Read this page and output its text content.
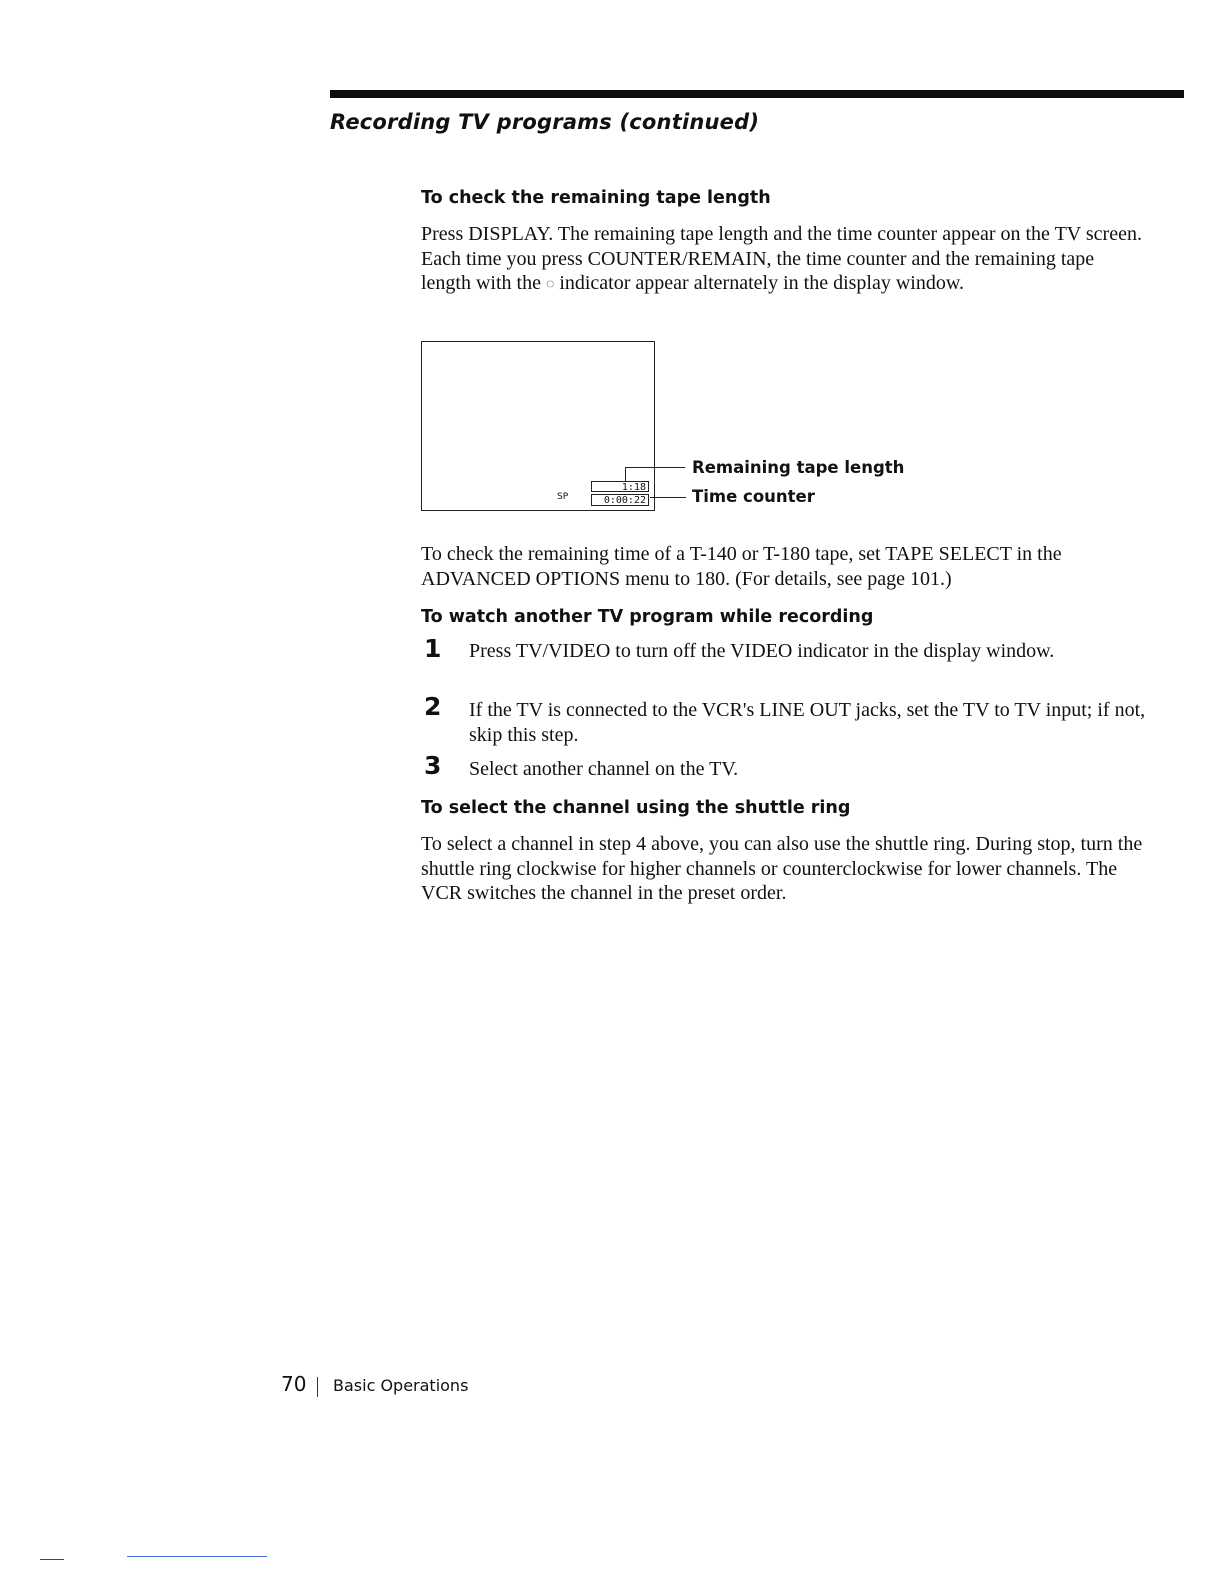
Recording TV programs (continued)
To check the remaining tape length

Press DISPLAY. The remaining tape length and the time counter appear on the TV screen. Each time you press COUNTER/REMAIN, the time counter and the remaining tape length with the ◌ indicator appear alternately in the display window.

SP
1:18
0:00:22

Remaining tape length

Time counter

To check the remaining time of a T-140 or T-180 tape, set TAPE SELECT in the ADVANCED OPTIONS menu to 180. (For details, see page 101.)

To watch another TV program while recording
1 Press TV/VIDEO to turn off the VIDEO indicator in the display window.

2 If the TV is connected to the VCR's LINE OUT jacks, set the TV to TV input; if not, skip this step.

3 Select another channel on the TV.

To select the channel using the shuttle ring

To select a channel in step 4 above, you can also use the shuttle ring. During stop, turn the shuttle ring clockwise for higher channels or counterclockwise for lower channels. The VCR switches the channel in the preset order.

70 Basic Operations
